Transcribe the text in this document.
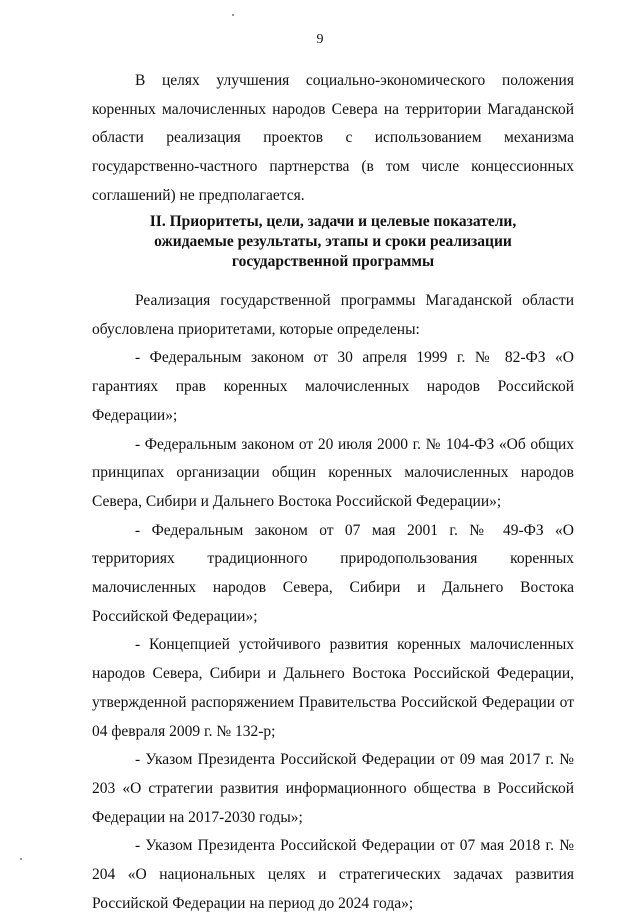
9

В целях улучшения социально-экономического положения коренных малочисленных народов Севера на территории Магаданской области реализация проектов с использованием механизма государственно-частного партнерства (в том числе концессионных соглашений) не предполагается.

II. Приоритеты, цели, задачи и целевые показатели,
ожидаемые результаты, этапы и сроки реализации
государственной программы

Реализация государственной программы Магаданской области обусловлена приоритетами, которые определены:

- Федеральным законом от 30 апреля 1999 г. № 82-ФЗ «О гарантиях прав коренных малочисленных народов Российской Федерации»;

- Федеральным законом от 20 июля 2000 г. № 104-ФЗ «Об общих принципах организации общин коренных малочисленных народов Севера, Сибири и Дальнего Востока Российской Федерации»;

- Федеральным законом от 07 мая 2001 г. № 49-ФЗ «О территориях традиционного природопользования коренных малочисленных народов Севера, Сибири и Дальнего Востока Российской Федерации»;

- Концепцией устойчивого развития коренных малочисленных народов Севера, Сибири и Дальнего Востока Российской Федерации, утвержденной распоряжением Правительства Российской Федерации от 04 февраля 2009 г. № 132-р;

- Указом Президента Российской Федерации от 09 мая 2017 г. № 203 «О стратегии развития информационного общества в Российской Федерации на 2017-2030 годы»;

- Указом Президента Российской Федерации от 07 мая 2018 г. № 204 «О национальных целях и стратегических задачах развития Российской Федерации на период до 2024 года»;
